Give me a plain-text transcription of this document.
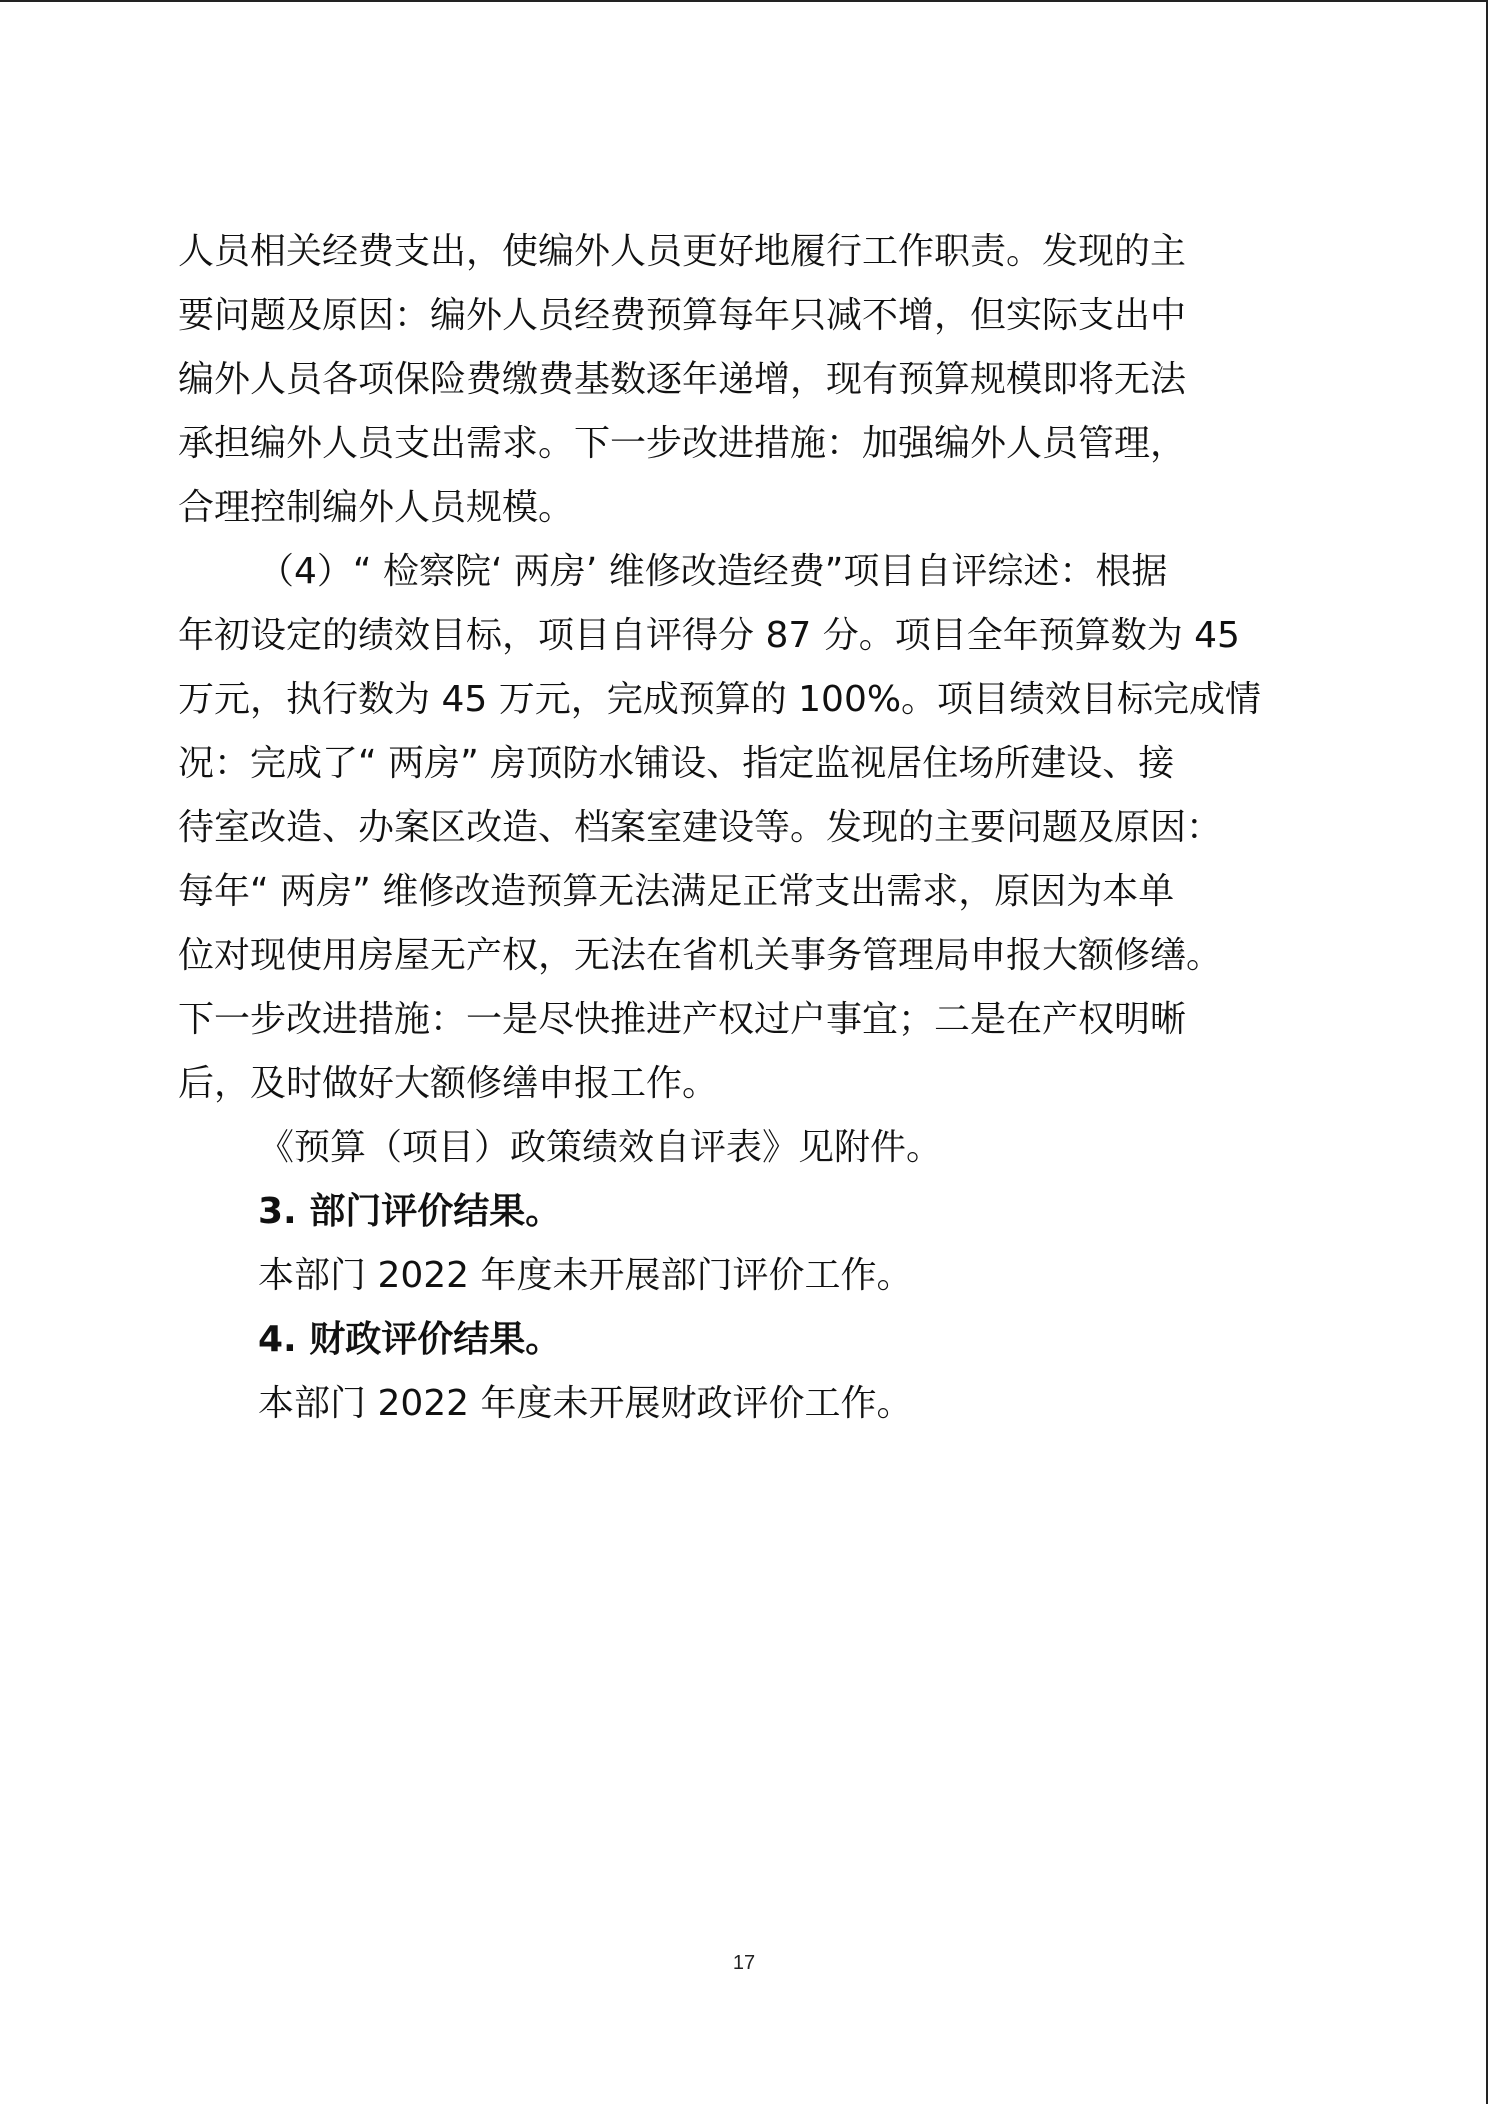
人员相关经费支出，使编外人员更好地履行工作职责。发现的主
要问题及原因：编外人员经费预算每年只减不增，但实际支出中
编外人员各项保险费缴费基数逐年递增，现有预算规模即将无法
承担编外人员支出需求。下一步改进措施：加强编外人员管理，
合理控制编外人员规模。
（4）“ 检察院‘ 两房’ 维修改造经费”项目自评综述：根据
年初设定的绩效目标，项目自评得分 87 分。项目全年预算数为 45
万元，执行数为 45 万元，完成预算的 100%。项目绩效目标完成情
况：完成了“ 两房” 房顶防水铺设、指定监视居住场所建设、接
待室改造、办案区改造、档案室建设等。发现的主要问题及原因：
每年“ 两房” 维修改造预算无法满足正常支出需求，原因为本单
位对现使用房屋无产权，无法在省机关事务管理局申报大额修缮。
下一步改进措施：一是尽快推进产权过户事宜；二是在产权明晰
后，及时做好大额修缮申报工作。
《预算（项目）政策绩效自评表》见附件。
3. 部门评价结果。
本部门 2022 年度未开展部门评价工作。
4. 财政评价结果。
本部门 2022 年度未开展财政评价工作。
17
